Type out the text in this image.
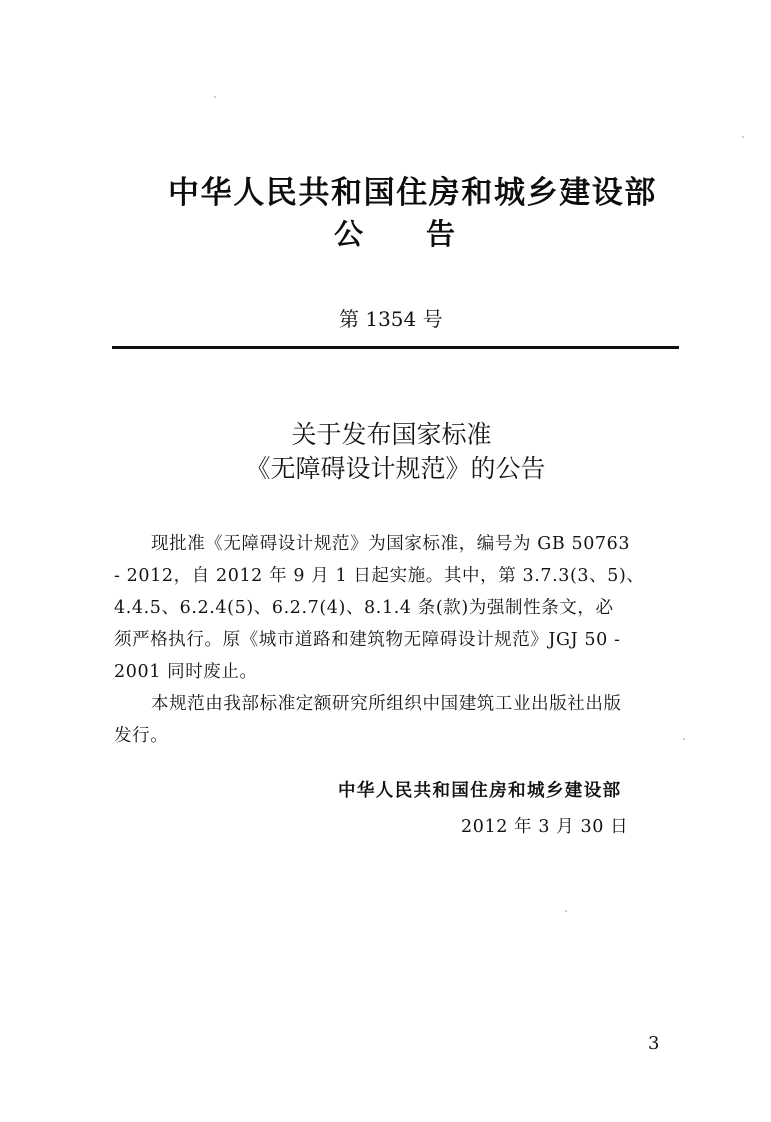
中华人民共和国住房和城乡建设部
公 告
第 1354 号
关于发布国家标准
《无障碍设计规范》的公告
现批准《无障碍设计规范》为国家标准，编号为 GB 50763
- 2012，自 2012 年 9 月 1 日起实施。其中，第 3.7.3(3、5)、
4.4.5、6.2.4(5)、6.2.7(4)、8.1.4 条(款)为强制性条文，必
须严格执行。原《城市道路和建筑物无障碍设计规范》JGJ 50 -
2001 同时废止。
本规范由我部标准定额研究所组织中国建筑工业出版社出版
发行。
中华人民共和国住房和城乡建设部
2012 年 3 月 30 日
3
